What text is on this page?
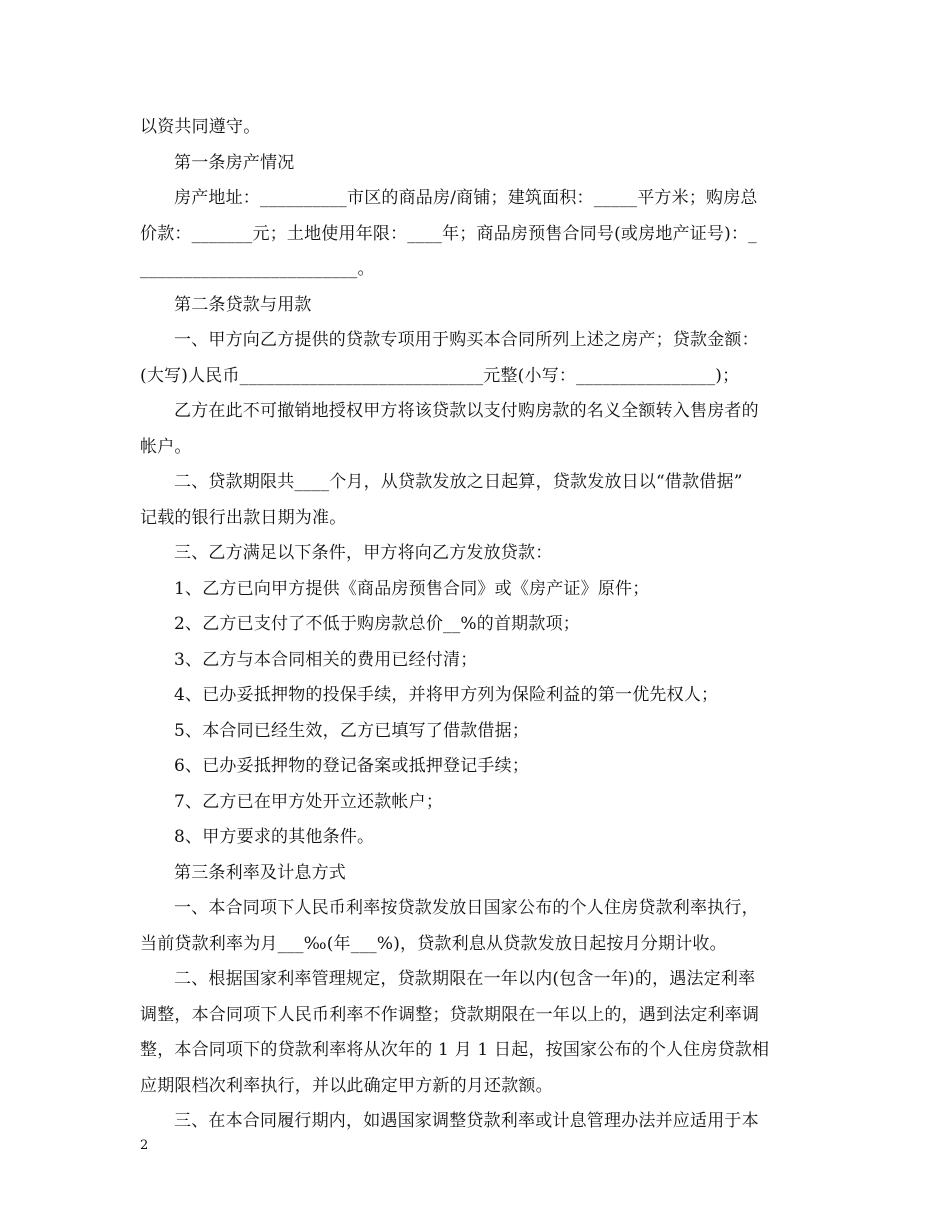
以资共同遵守。
第一条房产情况
房产地址：__________市区的商品房/商铺；建筑面积：_____平方米；购房总
价款：_______元；土地使用年限：____年；商品房预售合同号(或房地产证号)：_
_________________________。
第二条贷款与用款
一、甲方向乙方提供的贷款专项用于购买本合同所列上述之房产；贷款金额：
(大写)人民币____________________________元整(小写：________________)；
乙方在此不可撤销地授权甲方将该贷款以支付购房款的名义全额转入售房者的
帐户。
二、贷款期限共____个月，从贷款发放之日起算，贷款发放日以“借款借据”
记载的银行出款日期为准。
三、乙方满足以下条件，甲方将向乙方发放贷款：
1、乙方已向甲方提供《商品房预售合同》或《房产证》原件；
2、乙方已支付了不低于购房款总价__%的首期款项；
3、乙方与本合同相关的费用已经付清；
4、已办妥抵押物的投保手续，并将甲方列为保险利益的第一优先权人；
5、本合同已经生效，乙方已填写了借款借据；
6、已办妥抵押物的登记备案或抵押登记手续；
7、乙方已在甲方处开立还款帐户；
8、甲方要求的其他条件。
第三条利率及计息方式
一、本合同项下人民币利率按贷款发放日国家公布的个人住房贷款利率执行，
当前贷款利率为月___‰(年___%)，贷款利息从贷款发放日起按月分期计收。
二、根据国家利率管理规定，贷款期限在一年以内(包含一年)的，遇法定利率
调整，本合同项下人民币利率不作调整；贷款期限在一年以上的，遇到法定利率调
整，本合同项下的贷款利率将从次年的 1 月 1 日起，按国家公布的个人住房贷款相
应期限档次利率执行，并以此确定甲方新的月还款额。
三、在本合同履行期内，如遇国家调整贷款利率或计息管理办法并应适用于本
2
